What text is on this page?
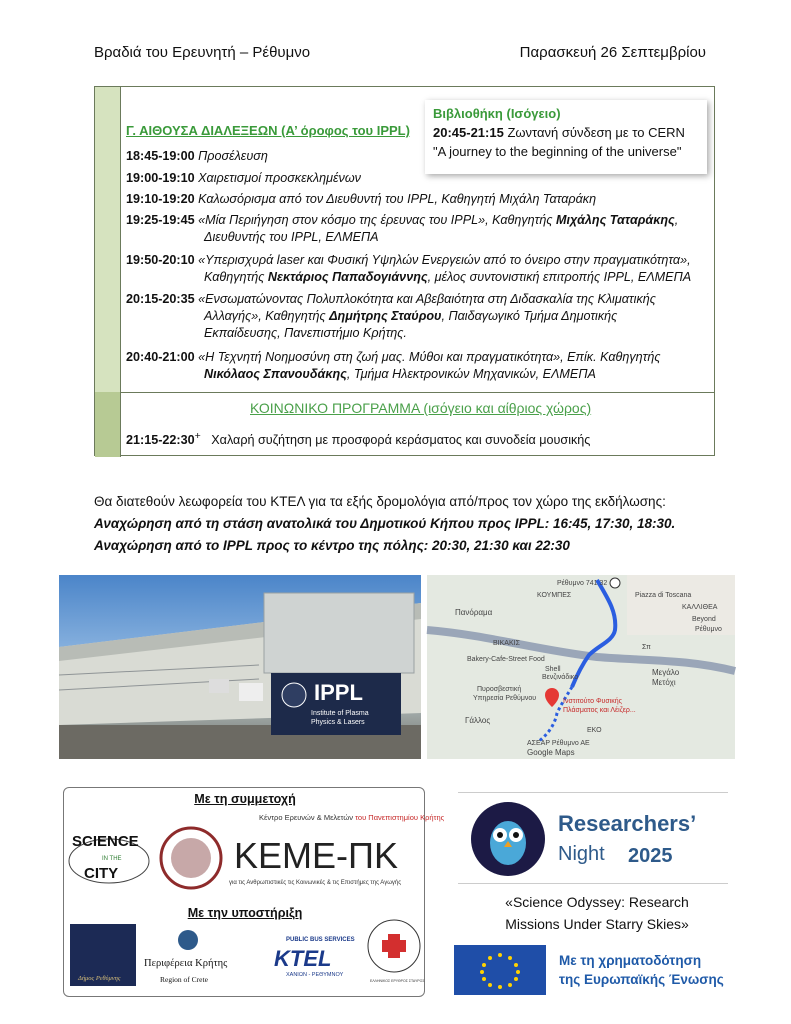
Βραδιά του Ερευνητή – Ρέθυμνο	Παρασκευή 26 Σεπτεμβρίου
Βιβλιοθήκη (Ισόγειο)
20:45-21:15 Ζωντανή σύνδεση με το CERN
"A journey to the beginning of the universe"
Γ. ΑΙΘΟΥΣΑ ΔΙΑΛΕΞΕΩΝ (Α’ όροφος του IPPL)
18:45-19:00 Προσέλευση
19:00-19:10 Χαιρετισμοί προσκεκλημένων
19:10-19:20 Καλωσόρισμα από τον Διευθυντή του IPPL, Καθηγητή Μιχάλη Ταταράκη
19:25-19:45 «Μία Περιήγηση στον κόσμο της έρευνας του IPPL», Καθηγητής Μιχάλης Ταταράκης,
Διευθυντής του IPPL, ΕΛΜΕΠΑ
19:50-20:10 «Υπερισχυρά laser και Φυσική Υψηλών Ενεργειών από το όνειρο στην πραγματικότητα»,
Καθηγητής Νεκτάριος Παπαδογιάννης, μέλος συντονιστική επιτροπής IPPL, ΕΛΜΕΠΑ
20:15-20:35 «Ενσωματώνοντας Πολυπλοκότητα και Αβεβαιότητα στη Διδασκαλία της Κλιματικής
Αλλαγής», Καθηγητής Δημήτρης Σταύρου, Παιδαγωγικό Τμήμα Δημοτικής
Εκπαίδευσης, Πανεπιστήμιο Κρήτης.
20:40-21:00 «Η Τεχνητή Νοημοσύνη στη ζωή μας. Μύθοι και πραγματικότητα», Επίκ. Καθηγητής
Νικόλαος Σπανουδάκης, Τμήμα Ηλεκτρονικών Μηχανικών, ΕΛΜΕΠΑ
ΚΟΙΝΩΝΙΚΟ ΠΡΟΓΡΑΜΜΑ (ισόγειο και αίθριος χώρος)
21:15-22:30+ Χαλαρή συζήτηση με προσφορά κεράσματος και συνοδεία μουσικής
Θα διατεθούν λεωφορεία του ΚΤΕΛ για τα εξής δρομολόγια από/προς τον χώρο της εκδήλωσης:
Αναχώρηση από τη στάση ανατολικά του Δημοτικού Κήπου προς IPPL: 16:45, 17:30, 18:30.
Αναχώρηση από το IPPL προς το κέντρο της πόλης: 20:30, 21:30 και 22:30
IPPL
Institute of Plasma
Physics & Lasers
Ρέθυμνο 741 32
ΚΟΥΜΠΕΣ	Piazza di Toscana
ΚΑΛΛΙΘΕΑ
Beyond
Ρέθυμνο
Πανόραμα
Σπ
ΒΙΚΑΚΙΣ
Bakery-Cafe-Street Food
Shell
Βενζινάδικο
Μεγάλο
Μετόχι
Πυροσβεστική
Υπηρεσία Ρεθύμνου	Ινστιτούτο Φυσικής
Πλάσματος και Λέιζερ...
Γάλλος
ΕΚΟ
ΑΣΕΑΡ Ρέθυμνο ΑΕ
Google Maps
Με τη συμμετοχή
SCIENCE
IN THE
CITY
Κέντρο Ερευνών & Μελετών του Πανεπιστημίου Κρήτης
ΚΕΜΕ-ΠΚ
για τις Ανθρωπιστικές τις Κοινωνικές & τις Επιστήμες της Αγωγής
Δήμος Ρεθύμνης
Περιφέρεια Κρήτης
Region of Crete
PUBLIC BUS SERVICES
KTEL
ΧΑΝΙΩΝ - ΡΕΘΥΜΝΟΥ
ΕΛΛΗΝΙΚΟΣ ΕΡΥΘΡΟΣ ΣΤΑΥΡΟΣ
Με την υποστήριξη
Researchers’
Night 2025
«Science Odyssey: Research
Missions Under Starry Skies»
Με τη χρηματοδότηση
της Ευρωπαϊκής Ένωσης
